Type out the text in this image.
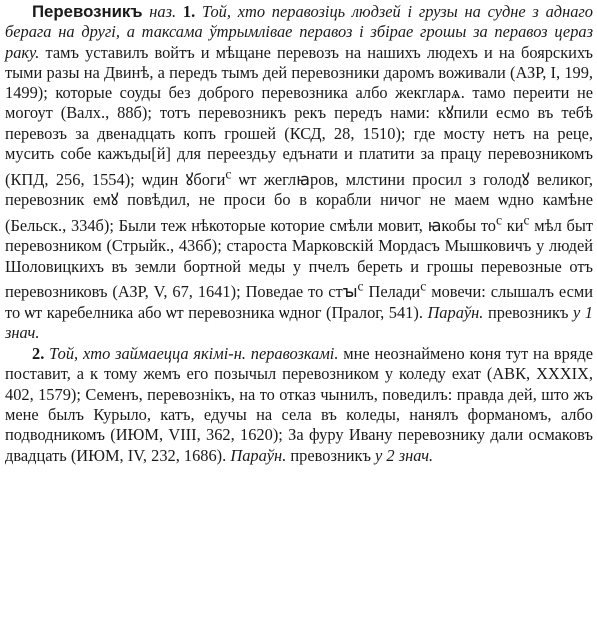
Перевозникъ наз. 1. Той, хто перавозіць людзей і грузы на судне з аднаго берага на другі, а таксама ўтрымлівае перавоз і збірае грошы за перавоз цераз раку. тамъ уставилъ войтъ и мѣщане перевозъ на нашихъ людехъ и на боярскихъ тыми разы на Двинѣ, а передъ тымъ дей перевозники даромъ воживали (АЗР, I, 199, 1499); которые соуды без доброго перевозника албо жекгларѧ. тамо переити не могоут (Валх., 88б); тотъ перевозникъ рекъ передъ нами: кꙋпили есмо въ тебѣ перевозъ за двенадцать копъ грошей (КСД, 28, 1510); где мосту нетъ на реце, мусить собе кажъды[й] для переездьу едънати и платити за працу перевозникомъ (КПД, 256, 1554); ѡдин ꙋбоги$^с$ ѡт жеглꙗров, млстини просил з голодꙋ великог, перевозник емꙋ повѣдил, не проси бо в корабли ничог не маем ѡдно камѣне (Бельск., 334б); Были теж нѣкоторые которие смѣли мовит, ꙗкобы $то^с$ $ки^с$ мѣл быт перевозником (Стрыйк., 436б); староста Марковскій Мордасъ Мышковичъ у людей Шоловицкихъ въ земли бортной меды у пчелъ береть и грошы перевозные отъ перевозниковъ (АЗР, V, 67, 1641); Поведае то стꙑ$^с$ Пелади$^с$ мовечи: слышалъ есми то ѡт каребелника або ѡт перевозника ѡдног (Пралог, 541). Параўн. превозникъ у 1 знач.

2. Той, хто займаецца якімі-н. перавозкамі. мне неознаймено коня тут на вряде поставит, а к тому жемъ его позычыл перевозником у коледу ехат (АВК, XXXIX, 402, 1579); Семенъ, перевознікъ, на то отказ чынилъ, поведилъ: правда дей, што жъ мене былъ Курыло, катъ, едучы на села въ коледы, нанялъ форманомъ, албо подводникомъ (ИЮМ, VIII, 362, 1620); За фуру Ивану перевознику дали осмаковъ двадцать (ИЮМ, IV, 232, 1686). Параўн. превозникъ у 2 знач.
